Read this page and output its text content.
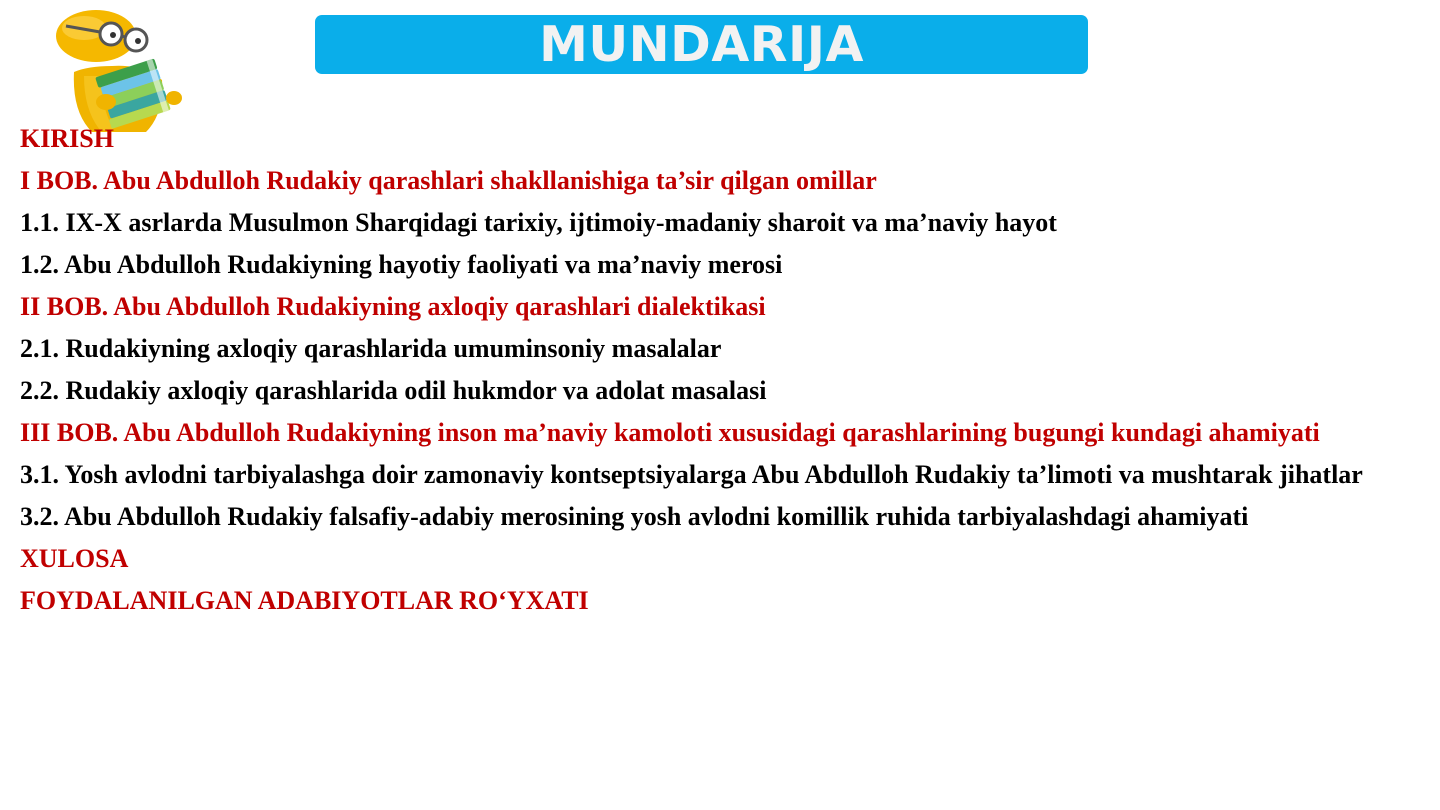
MUNDARIJA
KIRISH
I BOB. Abu Abdulloh Rudakiy qarashlari shakllanishiga ta’sir qilgan omillar
1.1. IX-X asrlarda Musulmon Sharqidagi tarixiy, ijtimoiy-madaniy sharoit va ma’naviy hayot
1.2. Abu Abdulloh Rudakiyning hayotiy faoliyati va ma’naviy merosi
II BOB. Abu Abdulloh Rudakiyning axloqiy qarashlari dialektikasi
2.1. Rudakiyning axloqiy qarashlarida umuminsoniy masalalar
2.2. Rudakiy axloqiy qarashlarida odil hukmdor va adolat masalasi
III BOB. Abu Abdulloh Rudakiyning inson ma’naviy kamoloti xususidagi qarashlarining bugungi kundagi ahamiyati
3.1. Yosh avlodni tarbiyalashga doir zamonaviy kontseptsiyalarga Abu Abdulloh Rudakiy ta’limoti va mushtarak jihatlar
3.2. Abu Abdulloh Rudakiy falsafiy-adabiy merosining yosh avlodni komillik ruhida tarbiyalashdagi ahamiyati
XULOSA
FOYDALANILGAN ADABIYOTLAR RO‘YXATI
